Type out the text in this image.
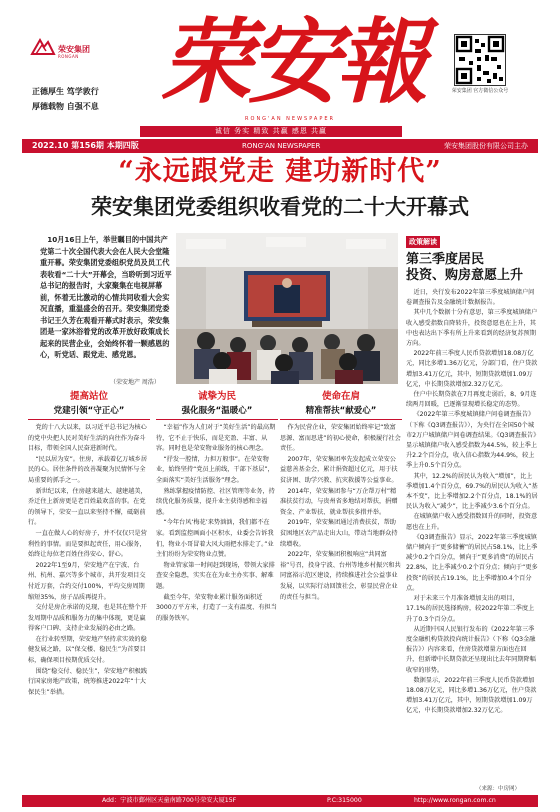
荣安集团
RONGAN
正德厚生 笃学敦行
厚德载物 自强不息 荣安報
RONG'AN NEWSPAPER
荣安集团 官方微信公众号
诚信 务实 精致 共赢 感恩 共赢
2022.10 第156期 本期四版	RONG'AN NEWSPAPER	荣安集团股份有限公司主办
“永远跟党走 建功新时代”
荣安集团党委组织收看党的二十大开幕式
10月16日上午，举世瞩目的中国共产党第二十次全国代表大会在人民大会堂隆重开幕。荣安集团党委组织党员及员工代表收看“二十大”开幕会，当聆听到习近平总书记的报告时，大家聚集在电视屏幕前，怀着无比激动的心情共同收看大会实况直播，重温盛会的召开。荣安集团党委书记王久芳在观看开幕式时表示，荣安集团是一家沐浴着党的改革开放好政策成长起来的民营企业，会始终怀着一颗感恩的心，听党话、跟党走、感党恩。
（荣安地产 周浩）
政策解读
第三季度居民
投资、购房意愿上升

近日，央行发布2022年第三季度城镇储户问卷调查报告及金融统计数据报告。

其中几个数据十分有意思，第三季度城镇储户收入感受指数自降转升，投资意愿也在上升，其中也表达出下季有所上升来看到的经济复苏预期方向。

2022年前三季度人民币贷款增加18.08万亿元，同比多增1.36万亿元，分部门看，住户贷款增加3.41万亿元，其中，短期贷款增加1.09万亿元，中长期贷款增加2.32万亿元。

住户中长期贷款在7月再度走弱后，8、9月连续两月回暖，已逐渐显现增长稳定的态势。

《2022年第三季度城镇储户问卷调查报告》（下称《Q3调查报告》），为央行在全国50个城市2万户城镇储户问卷调查结果。《Q3调查报告》显示城镇储户收入感受指数为44.5%，较上季上升2.2个百分点，收入信心指数为44.9%，较上季上升0.5个百分点。

其中，12.2%的居民认为收入“增加”，比上季增加1.4个百分点，69.7%的居民认为收入“基本不变”，比上季增加2.2个百分点，18.1%的居民认为收入“减少”，比上季减少3.6个百分点。

在城镇储户收入感受指数回升的同时，投资意愿也在上升。

《Q3调查报告》显示，2022年第三季度城镇储户倾向于“更多储蓄”的居民占58.1%，比上季减少0.2个百分点，倾向于“更多消费”的居民占22.8%，比上季减少0.2个百分点；倾向于“更多投资”的居民占19.1%，比上季增加0.4个百分点。

对于未来三个月准备增加支出的项目，17.1%的居民选择购房，较2022年第二季度上升了0.3个百分点。

从近期中国人民银行发布的《2022年第三季度金融机构贷款投向统计报告》（下称《Q3金融报告》）内容来看，住房贷款增量方面也在回升，但新增中长期贷款还呈现出比去年同期降幅收窄的形势。

数据显示，2022年前三季度人民币贷款增加18.08万亿元，同比多增1.36万亿元，住户贷款增加3.41万亿元，其中，短期贷款增加1.09万亿元，中长期贷款增加2.32万亿元。

（来源：中房网）
提高站位
党建引领“守正心”

党的十八大以来，以习近平总书记为核心的党中央把人民对美好生活的向往作为奋斗目标，带领全国人民奋进新时代。

“民以居为安”。住房，承载着亿万城乡居民的心。居住条件的改善凝聚为民情怀与全局重要的抓手之一。

新世纪以来，住房越来越大、越建越美，乔迁住上新房更是老百姓最欢喜的事。在党的领导下，荣安一直以来坚持不懈，砥砺前行。

一直在做人心的好房子，并不仅仅只是营利性的事情。而是要担起责任，用心服务，始终让每位老百姓住得安心、舒心。

2022年1至9月，荣安地产在宁波、台州、杭州、嘉兴等多个城市，共开发项目交付近万套，合约交付100%，平均交房周期缩短35%，房子品质再提升。

交付是房企承诺的兑现，也是其在整个开发周期中品质和服务力的集中体现，更是赢得客户口碑、支持企业发展的必由之路。

在行业转型期，荣安地产坚持求实效的稳健发展之路，以“保交楼、稳民生”为首要目标，确保项目按期优质交付。

围绕“稳交付、稳民生”，荣安地产积极践行国家房地产政策，统筹推进2022年“十大保民生”举措。

诚挚为民
强化服务“温暖心”

“幸福”作为人们对于“美好生活”的最高期待，它不止于快乐，而是充盈、丰富、从容。同时也是荣安物业服务的核心理念。

“抒发一腔情，力担万般事”。在荣安物业，始终坚持“党员上前线，干部下基层”，全面落实“美好生活服务”理念。

熟练掌握疫情防控、社区管理等业务，持续优化服务质量，提升业主获得感和幸福感。

“今年台风‘梅花’来势汹汹，我们都不在家。看到监控画面小区积水，业委会告诉我们，物业小哥冒着大风大雨把水排走了。”业主们纷纷为荣安物业点赞。

物业管家第一时间赶到现场，带领大家排查安全隐患，实实在在为业主办实事、解难题。

截至今年，荣安物业累计服务面积近3000万平方米，打造了一支有温度、有担当的服务铁军。

使命在肩
精准帮扶“献爱心”

作为民营企业，荣安集团始终牢记“致富思源、富而思进”的初心使命，积极履行社会责任。

2007年，荣安集团率先发起成立荣安公益慈善基金会，累计捐资超过亿元，用于扶贫济困、助学兴教、抗灾救援等公益事业。

2014年，荣安集团参与“万企帮万村”精准扶贫行动，与贵州省多地结对帮扶，捐赠资金、产业帮扶、就业帮扶多措并举。

2019年，荣安集团通过消费扶贫，帮助贫困地区农产品走出大山，带动当地群众持续增收。

2022年，荣安集团积极响应“共同富裕”号召，投身宁波、台州等地乡村振兴和共同富裕示范区建设，持续推进社会公益事业发展，以实际行动回馈社会，彰显民营企业的责任与担当。

Add：宁波市鄞州区天童南路700号荣安大厦15F	P.C:315000	http://www.rongan.com.cn
